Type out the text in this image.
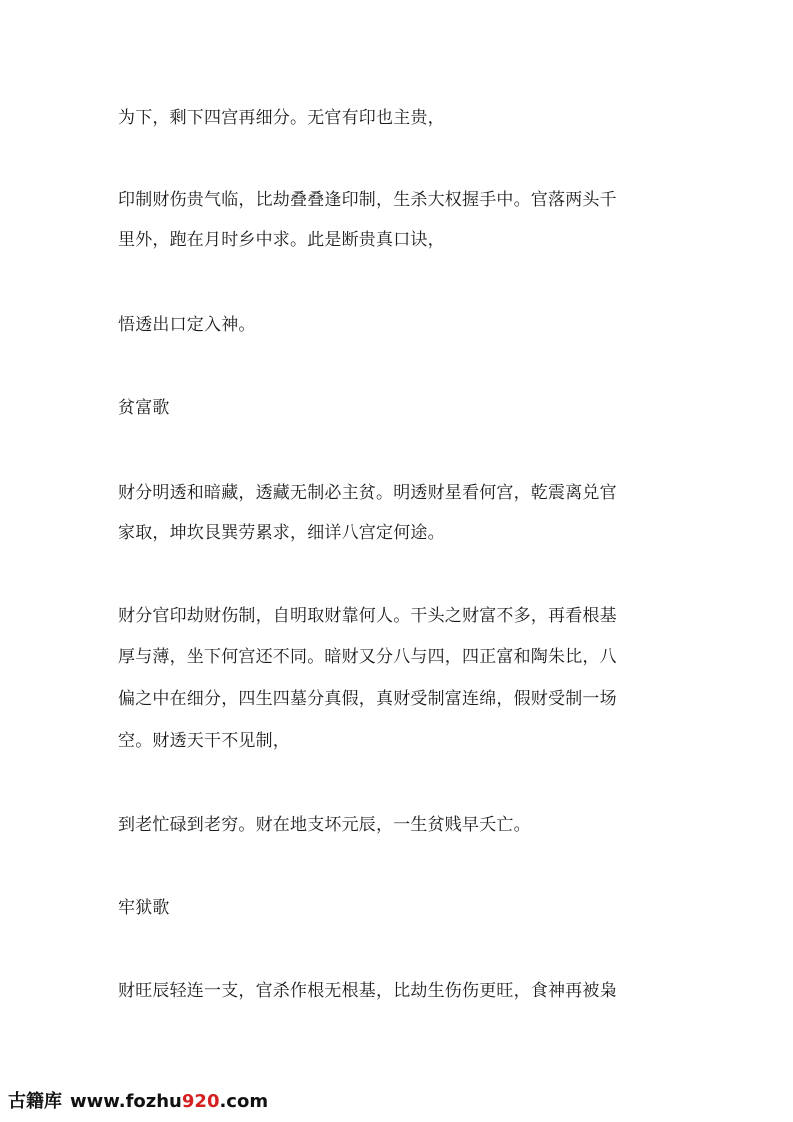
为下，剩下四宫再细分。无官有印也主贵，
印制财伤贵气临，比劫叠叠逢印制，生杀大权握手中。官落两头千
里外，跑在月时乡中求。此是断贵真口诀，
悟透出口定入神。
贫富歌
财分明透和暗藏，透藏无制必主贫。明透财星看何宫，乾震离兑官
家取，坤坎艮巽劳累求，细详八宫定何途。
财分官印劫财伤制，自明取财靠何人。干头之财富不多，再看根基
厚与薄，坐下何宫还不同。暗财又分八与四，四正富和陶朱比，八
偏之中在细分，四生四墓分真假，真财受制富连绵，假财受制一场
空。财透天干不见制，
到老忙碌到老穷。财在地支坏元辰，一生贫贱早夭亡。
牢狱歌
财旺辰轻连一支，官杀作根无根基，比劫生伤伤更旺，食神再被枭
古籍库 www.fozhu920.com
